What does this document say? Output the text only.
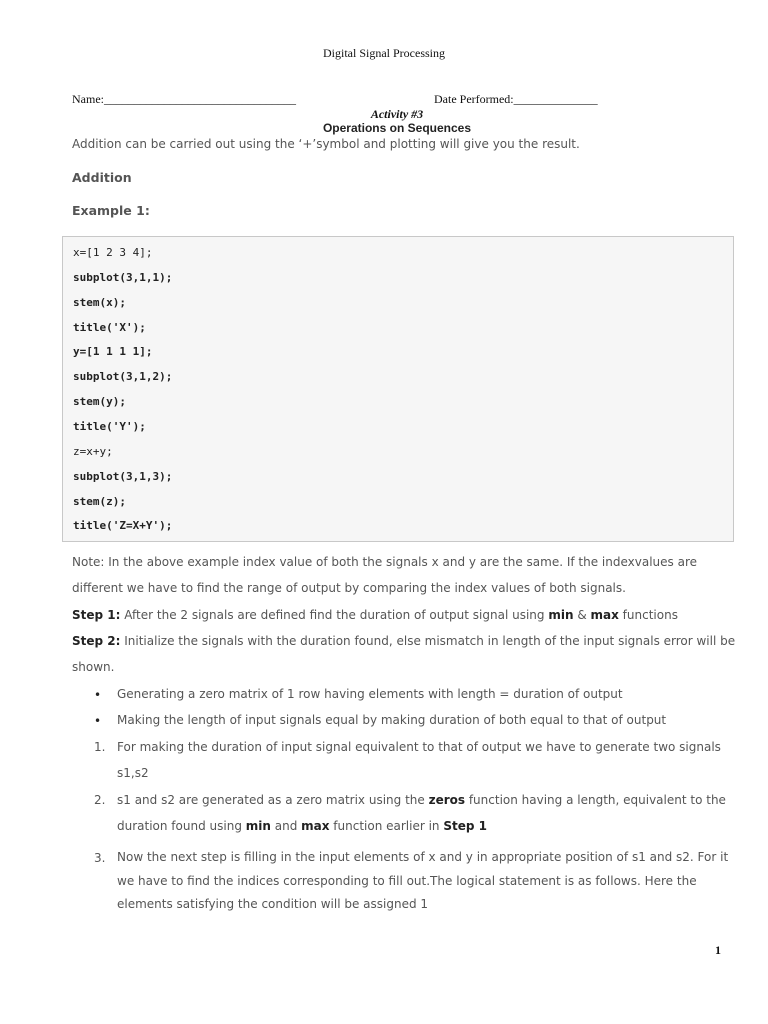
Digital Signal Processing
Name:________________________________	Date Performed:______________
Activity #3
Operations on Sequences
Addition can be carried out using the ‘+’symbol and plotting will give you the result.
Addition
Example 1:
x=[1 2 3 4];
subplot(3,1,1);
stem(x);
title('X');
y=[1 1 1 1];
subplot(3,1,2);
stem(y);
title('Y');
z=x+y;
subplot(3,1,3);
stem(z);
title('Z=X+Y');
Note: In the above example index value of both the signals x and y are the same. If the indexvalues are
different we have to find the range of output by comparing the index values of both signals.
Step 1: After the 2 signals are defined find the duration of output signal using min & max functions
Step 2: Initialize the signals with the duration found, else mismatch in length of the input signals error will be
shown.
• Generating a zero matrix of 1 row having elements with length = duration of output
• Making the length of input signals equal by making duration of both equal to that of output
1. For making the duration of input signal equivalent to that of output we have to generate two signals
s1,s2
2. s1 and s2 are generated as a zero matrix using the zeros function having a length, equivalent to the
duration found using min and max function earlier in Step 1
3. Now the next step is filling in the input elements of x and y in appropriate position of s1 and s2. For it
we have to find the indices corresponding to fill out.The logical statement is as follows. Here the
elements satisfying the condition will be assigned 1
1
